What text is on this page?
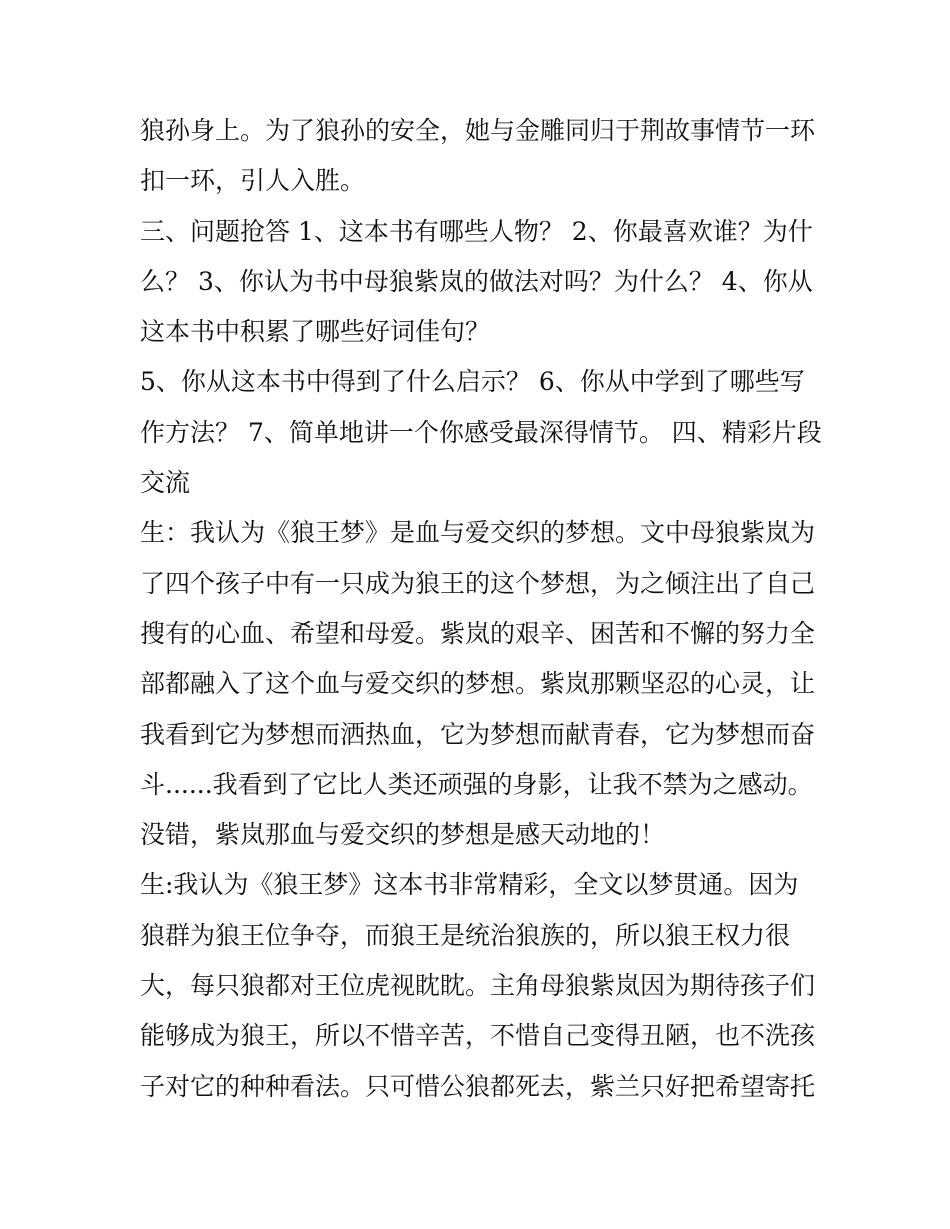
狼孙身上。为了狼孙的安全，她与金雕同归于荆故事情节一环
扣一环，引人入胜。
三、问题抢答 1、这本书有哪些人物？ 2、你最喜欢谁？为什
么？ 3、你认为书中母狼紫岚的做法对吗？为什么？ 4、你从
这本书中积累了哪些好词佳句？
5、你从这本书中得到了什么启示？ 6、你从中学到了哪些写
作方法？ 7、简单地讲一个你感受最深得情节。 四、精彩片段
交流
生：我认为《狼王梦》是血与爱交织的梦想。文中母狼紫岚为
了四个孩子中有一只成为狼王的这个梦想，为之倾注出了自己
搜有的心血、希望和母爱。紫岚的艰辛、困苦和不懈的努力全
部都融入了这个血与爱交织的梦想。紫岚那颗坚忍的心灵，让
我看到它为梦想而洒热血，它为梦想而献青春，它为梦想而奋
斗......我看到了它比人类还顽强的身影，让我不禁为之感动。
没错，紫岚那血与爱交织的梦想是感天动地的！
生:我认为《狼王梦》这本书非常精彩，全文以梦贯通。因为
狼群为狼王位争夺，而狼王是统治狼族的，所以狼王权力很
大，每只狼都对王位虎视眈眈。主角母狼紫岚因为期待孩子们
能够成为狼王，所以不惜辛苦，不惜自己变得丑陋，也不洗孩
子对它的种种看法。只可惜公狼都死去，紫兰只好把希望寄托
